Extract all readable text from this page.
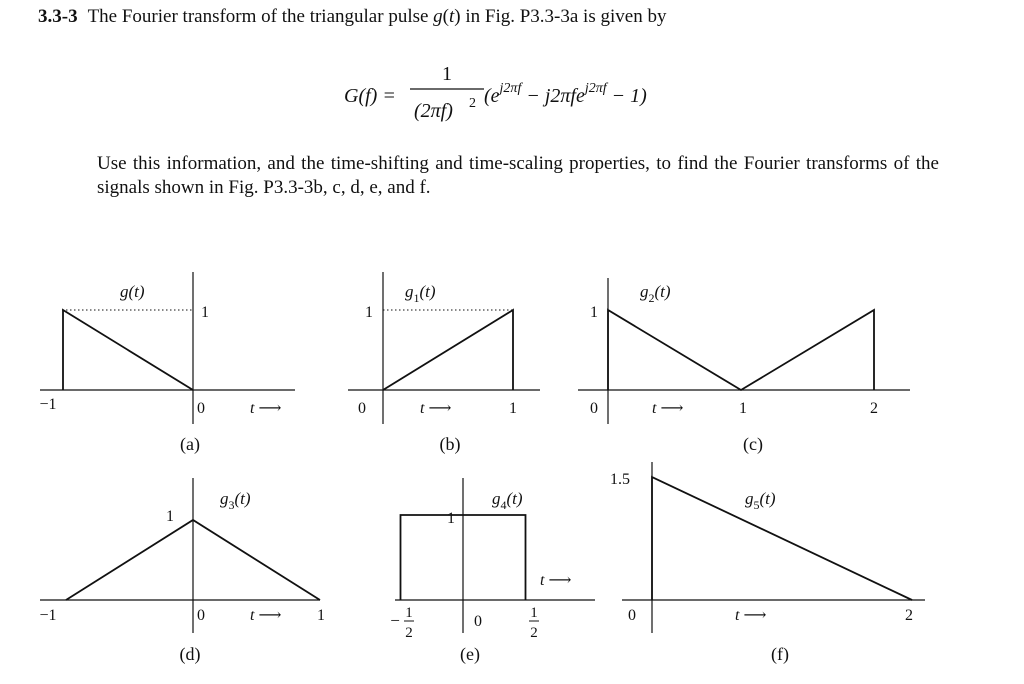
3.3-3 The Fourier transform of the triangular pulse g(t) in Fig. P3.3-3a is given by
G(f) =
1
(2πf) 2 $(e^{j2\pi f} - j2\pi fe^{j2\pi f} - 1)$
Use this information, and the time-shifting and time-scaling properties, to find the Fourier transforms of the signals shown in Fig. P3.3-3b, c, d, e, and f.
1
g(t)
−1	0	t ⟶
(a)
1
$g_1(t)$
0	1
t ⟶
(b)
1
$g_2(t)$
0	1	2
t ⟶
(c)
1
$g_3(t)$
−1	0	1
t ⟶
(d)
1
$g_4(t)$
− 1
2
0	1
2
t ⟶
(e)
1.5
$g_5(t)$
0	2
t ⟶
(f)
